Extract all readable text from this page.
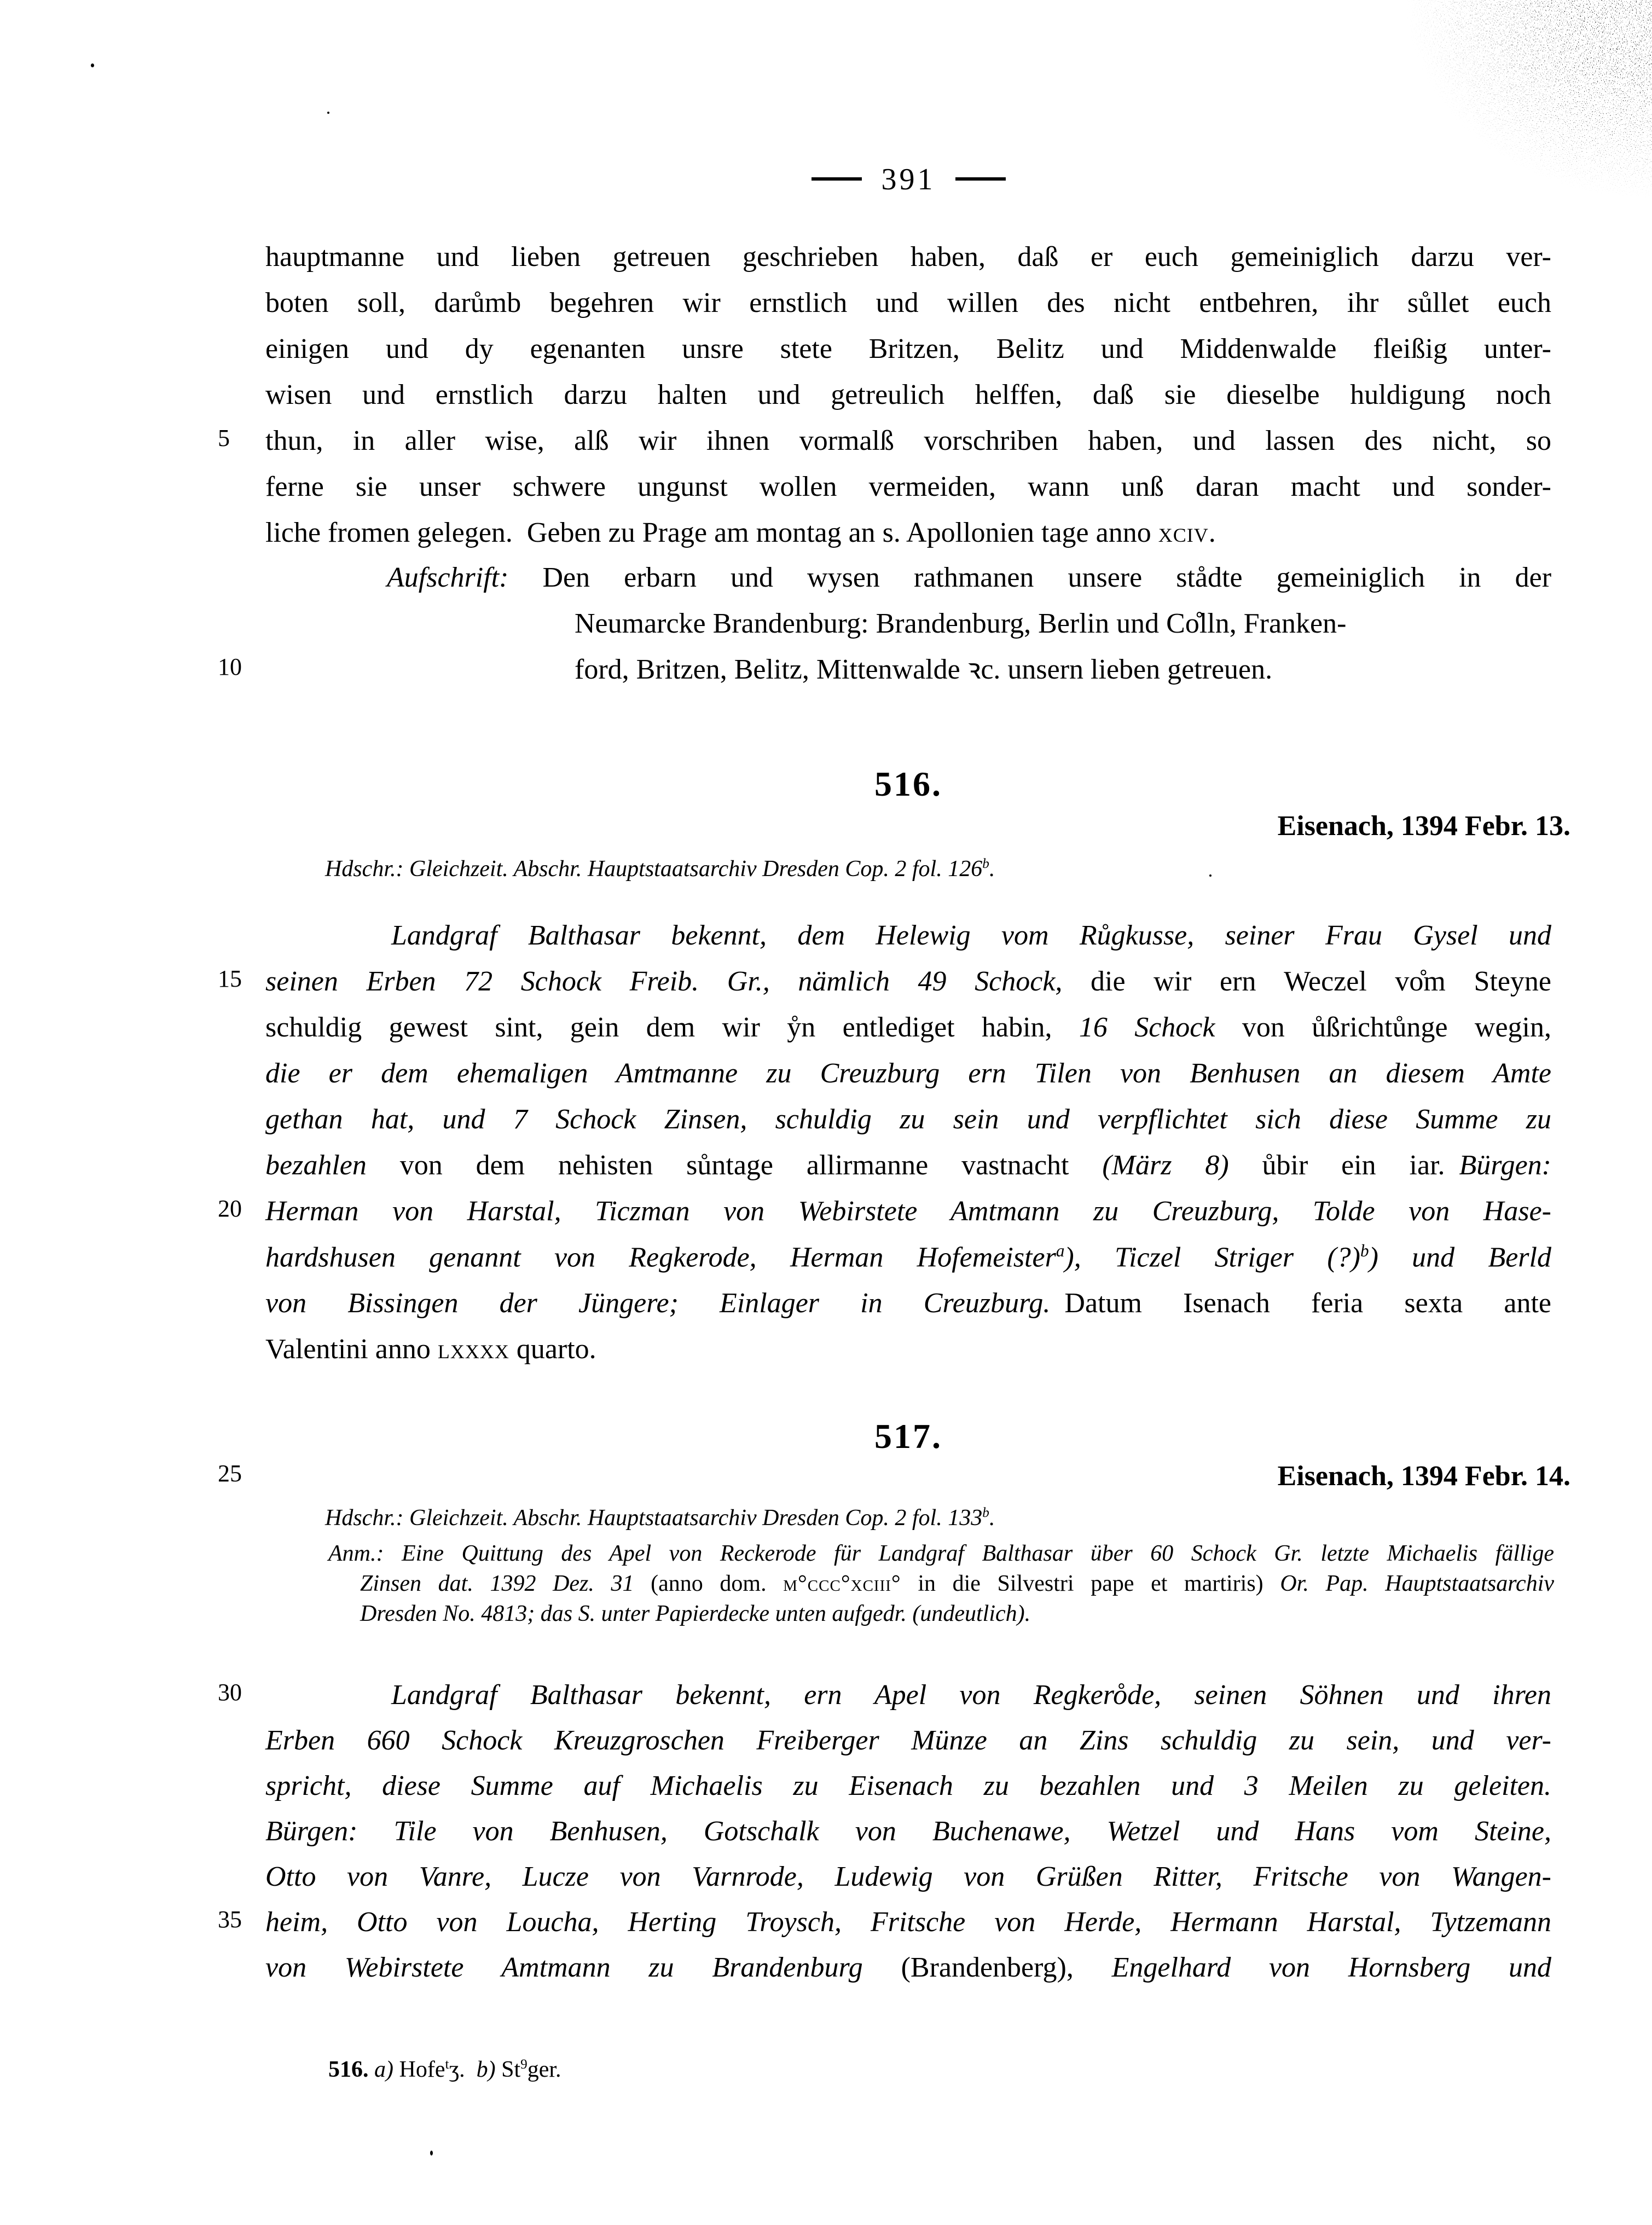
391
5
10
15
20
25
30
35
hauptmanne und lieben getreuen geschrieben haben, daß er euch gemeiniglich darzu ver-
boten soll, darůmb begehren wir ernstlich und willen des nicht entbehren, ihr sůllet euch
einigen und dy egenanten unsre stete Britzen, Belitz und Middenwalde fleißig unter-
wisen und ernstlich darzu halten und getreulich helffen, daß sie dieselbe huldigung noch
thun, in aller wise, alß wir ihnen vormalß vorschriben haben, und lassen des nicht, so
ferne sie unser schwere ungunst wollen vermeiden, wann unß daran macht und sonder-
liche fromen gelegen. Geben zu Prage am montag an s. Apollonien tage anno xciv.
Aufschrift: Den erbarn und wysen rathmanen unsere stådte gemeiniglich in der
Neumarcke Brandenburg: Brandenburg, Berlin und Co̊lln, Franken-
ford, Britzen, Belitz, Mittenwalde ꝛc. unsern lieben getreuen.
516.
Eisenach, 1394 Febr. 13.
Hdschr.: Gleichzeit. Abschr. Hauptstaatsarchiv Dresden Cop. 2 fol. 126$^b$.
Landgraf Balthasar bekennt, dem Helewig vom Růgkusse, seiner Frau Gysel und
seinen Erben 72 Schock Freib. Gr., nämlich 49 Schock, die wir ern Weczel vo̊m Steyne
schuldig gewest sint, gein dem wir ẙn entlediget habin, 16 Schock von ůßrichtůnge wegin,
die er dem ehemaligen Amtmanne zu Creuzburg ern Tilen von Benhusen an diesem Amte
gethan hat, und 7 Schock Zinsen, schuldig zu sein und verpflichtet sich diese Summe zu
bezahlen von dem nehisten sůntage allirmanne vastnacht (März 8) ůbir ein iar. Bürgen:
Herman von Harstal, Ticzman von Webirstete Amtmann zu Creuzburg, Tolde von Hase-
hardshusen genannt von Regkerode, Herman Hofemeister$^a$), Ticzel Striger (?)$^b$) und Berld
von Bissingen der Jüngere; Einlager in Creuzburg. Datum Isenach feria sexta ante
Valentini anno lxxxx quarto.
517.
Eisenach, 1394 Febr. 14.
Hdschr.: Gleichzeit. Abschr. Hauptstaatsarchiv Dresden Cop. 2 fol. 133$^b$.
Anm.: Eine Quittung des Apel von Reckerode für Landgraf Balthasar über 60 Schock Gr. letzte Michaelis fällige
Zinsen dat. 1392 Dez. 31 (anno dom. m°ccc°xciii° in die Silvestri pape et martiris) Or. Pap. Hauptstaatsarchiv
Dresden No. 4813; das S. unter Papierdecke unten aufgedr. (undeutlich).
Landgraf Balthasar bekennt, ern Apel von Regkero̊de, seinen Söhnen und ihren
Erben 660 Schock Kreuzgroschen Freiberger Münze an Zins schuldig zu sein, und ver-
spricht, diese Summe auf Michaelis zu Eisenach zu bezahlen und 3 Meilen zu geleiten.
Bürgen: Tile von Benhusen, Gotschalk von Buchenawe, Wetzel und Hans vom Steine,
Otto von Vanre, Lucze von Varnrode, Ludewig von Grüßen Ritter, Fritsche von Wangen-
heim, Otto von Loucha, Herting Troysch, Fritsche von Herde, Hermann Harstal, Tytzemann
von Webirstete Amtmann zu Brandenburg (Brandenberg), Engelhard von Hornsberg und
516. a) Hofe$^t$ʒ. b) St$^9$ger.
